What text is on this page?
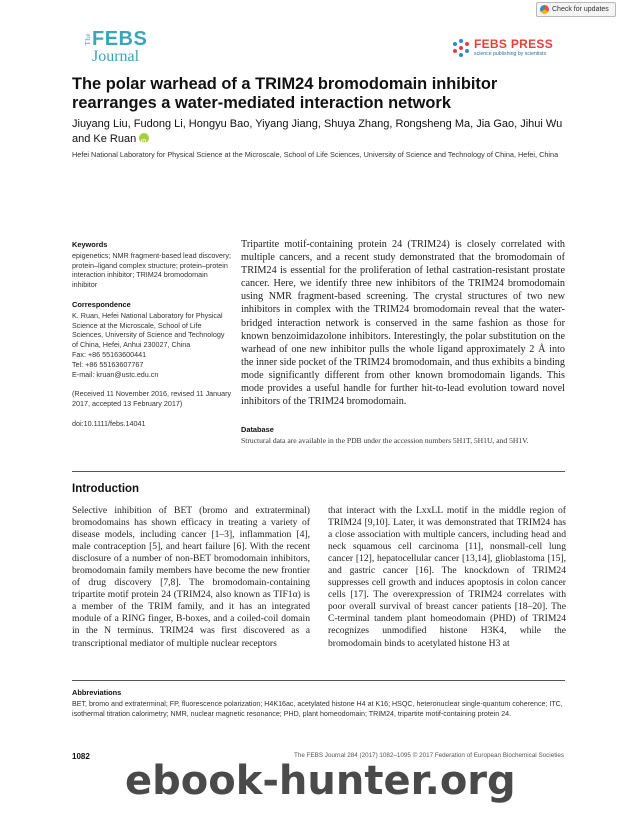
Check for updates
The FEBS
Journal
FEBS PRESS
science publishing by scientists
The polar warhead of a TRIM24 bromodomain inhibitor rearranges a water-mediated interaction network
Jiuyang Liu, Fudong Li, Hongyu Bao, Yiyang Jiang, Shuya Zhang, Rongsheng Ma, Jia Gao, Jihui Wu and Ke RuaniD
Hefei National Laboratory for Physical Science at the Microscale, School of Life Sciences, University of Science and Technology of China, Hefei, China
Keywords

epigenetics; NMR fragment-based lead discovery; protein–ligand complex structure; protein–protein interaction inhibitor; TRIM24 bromodomain inhibitor

Correspondence

K. Ruan, Hefei National Laboratory for Physical Science at the Microscale, School of Life Sciences, University of Science and Technology of China, Hefei, Anhui 230027, China

Fax: +86 55163600441

Tel: +86 55163607767

E-mail: kruan@ustc.edu.cn

(Received 11 November 2016, revised 11 January 2017, accepted 13 February 2017)

doi:10.1111/febs.14041

Tripartite motif-containing protein 24 (TRIM24) is closely correlated with multiple cancers, and a recent study demonstrated that the bromodomain of TRIM24 is essential for the proliferation of lethal castration-resistant prostate cancer. Here, we identify three new inhibitors of the TRIM24 bromodomain using NMR fragment-based screening. The crystal structures of two new inhibitors in complex with the TRIM24 bromodomain reveal that the water-bridged interaction network is conserved in the same fashion as those for known benzoimidazolone inhibitors. Interestingly, the polar substitution on the warhead of one new inhibitor pulls the whole ligand approximately 2 Å into the inner side pocket of the TRIM24 bromodomain, and thus exhibits a binding mode significantly different from other known bromodomain ligands. This mode provides a useful handle for further hit-to-lead evolution toward novel inhibitors of the TRIM24 bromodomain.

Database

Structural data are available in the PDB under the accession numbers 5H1T, 5H1U, and 5H1V.

Introduction

Selective inhibition of BET (bromo and extraterminal) bromodomains has shown efficacy in treating a variety of disease models, including cancer [1–3], inflammation [4], male contraception [5], and heart failure [6]. With the recent disclosure of a number of non-BET bromodomain inhibitors, bromodomain family members have become the new frontier of drug discovery [7,8]. The bromodomain-containing tripartite motif protein 24 (TRIM24, also known as TIF1α) is a member of the TRIM family, and it has an integrated module of a RING finger, B-boxes, and a coiled-coil domain in the N terminus. TRIM24 was first discovered as a transcriptional mediator of multiple nuclear receptors

that interact with the LxxLL motif in the middle region of TRIM24 [9,10]. Later, it was demonstrated that TRIM24 has a close association with multiple cancers, including head and neck squamous cell carcinoma [11], nonsmall-cell lung cancer [12], hepatocellular cancer [13,14], glioblastoma [15], and gastric cancer [16]. The knockdown of TRIM24 suppresses cell growth and induces apoptosis in colon cancer cells [17]. The overexpression of TRIM24 correlates with poor overall survival of breast cancer patients [18–20]. The C-terminal tandem plant homeodomain (PHD) of TRIM24 recognizes unmodified histone H3K4, while the bromodomain binds to acetylated histone H3 at

Abbreviations

BET, bromo and extraterminal; FP, fluorescence polarization; H4K16ac, acetylated histone H4 at K16; HSQC, heteronuclear single-quantum coherence; ITC, isothermal titration calorimetry; NMR, nuclear magnetic resonance; PHD, plant homeodomain; TRIM24, tripartite motif-containing protein 24.

1082	The FEBS Journal 284 (2017) 1082–1095 © 2017 Federation of European Biochemical Societies
ebook-hunter.org
